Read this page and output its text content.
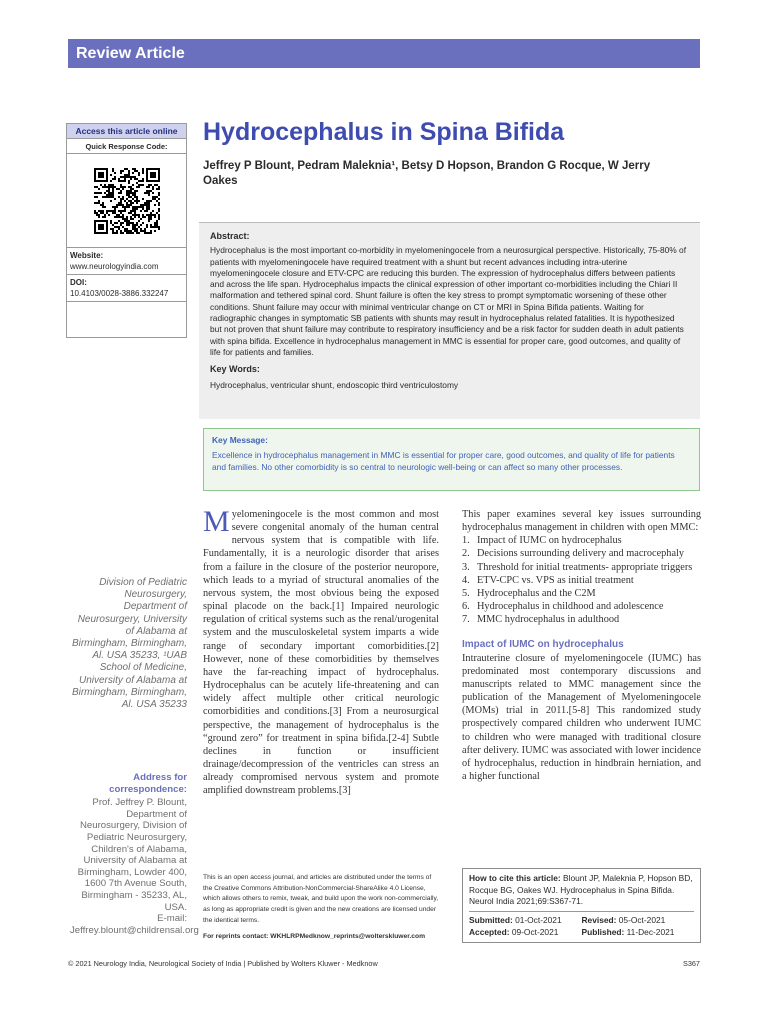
Review Article
Access this article online
Quick Response Code:
Website:
www.neurologyindia.com
DOI:
10.4103/0028-3886.332247
Hydrocephalus in Spina Bifida
Jeffrey P Blount, Pedram Maleknia¹, Betsy D Hopson, Brandon G Rocque, W Jerry Oakes
Abstract:
Hydrocephalus is the most important co-morbidity in myelomeningocele from a neurosurgical perspective. Historically, 75-80% of patients with myelomeningocele have required treatment with a shunt but recent advances including intra-uterine myelomeningocele closure and ETV-CPC are reducing this burden. The expression of hydrocephalus differs between patients and across the life span. Hydrocephalus impacts the clinical expression of other important co-morbidities including the Chiari II malformation and tethered spinal cord. Shunt failure is often the key stress to prompt symptomatic worsening of these other conditions. Shunt failure may occur with minimal ventricular change on CT or MRI in Spina Bifida patients. Waiting for radiographic changes in symptomatic SB patients with shunts may result in hydrocephalus related fatalities. It is hypothesized but not proven that shunt failure may contribute to respiratory insufficiency and be a risk factor for sudden death in adult patients with spina bifida. Excellence in hydrocephalus management in MMC is essential for proper care, good outcomes, and quality of life for patients and families.
Key Words:
Hydrocephalus, ventricular shunt, endoscopic third ventriculostomy
Key Message:
Excellence in hydrocephalus management in MMC is essential for proper care, good outcomes, and quality of life for patients and families. No other comorbidity is so central to neurologic well-being or can affect so many other processes.
Division of Pediatric Neurosurgery, Department of Neurosurgery, University of Alabama at Birmingham, Birmingham, Al. USA 35233, ¹UAB School of Medicine, University of Alabama at Birmingham, Birmingham, Al. USA 35233
Address for correspondence:
Prof. Jeffrey P. Blount, Department of Neurosurgery, Division of Pediatric Neurosurgery, Children's of Alabama, University of Alabama at Birmingham, Lowder 400, 1600 7th Avenue South, Birmingham - 35233, AL, USA.
E-mail: Jeffrey.blount@childrensal.org
Myelomeningocele is the most common and most severe congenital anomaly of the human central nervous system that is compatible with life. Fundamentally, it is a neurologic disorder that arises from a failure in the closure of the posterior neuropore, which leads to a myriad of structural anomalies of the nervous system, the most obvious being the exposed spinal placode on the back.[1] Impaired neurologic regulation of critical systems such as the renal/urogenital system and the musculoskeletal system imparts a wide range of secondary important comorbidities.[2] However, none of these comorbidities by themselves have the far-reaching impact of hydrocephalus. Hydrocephalus can be acutely life-threatening and can widely affect multiple other critical neurologic comorbidities and conditions.[3] From a neurosurgical perspective, the management of hydrocephalus is the “ground zero” for treatment in spina bifida.[2-4] Subtle declines in function or insufficient drainage/decompression of the ventricles can stress an already compromised nervous system and promote amplified downstream problems.[3]
This paper examines several key issues surrounding hydrocephalus management in children with open MMC:
1. Impact of IUMC on hydrocephalus
2. Decisions surrounding delivery and macrocephaly
3. Threshold for initial treatments- appropriate triggers
4. ETV-CPC vs. VPS as initial treatment
5. Hydrocephalus and the C2M
6. Hydrocephalus in childhood and adolescence
7. MMC hydrocephalus in adulthood
Impact of IUMC on hydrocephalus
Intrauterine closure of myelomeningocele (IUMC) has predominated most contemporary discussions and manuscripts related to MMC management since the publication of the Management of Myelomeningocele (MOMs) trial in 2011.[5-8] This randomized study prospectively compared children who underwent IUMC to children who were managed with traditional closure after delivery. IUMC was associated with lower incidence of hydrocephalus, reduction in hindbrain herniation, and a higher functional
This is an open access journal, and articles are distributed under the terms of the Creative Commons Attribution-NonCommercial-ShareAlike 4.0 License, which allows others to remix, tweak, and build upon the work non-commercially, as long as appropriate credit is given and the new creations are licensed under the identical terms.
For reprints contact: WKHLRPMedknow_reprints@wolterskluwer.com
How to cite this article: Blount JP, Maleknia P, Hopson BD, Rocque BG, Oakes WJ. Hydrocephalus in Spina Bifida. Neurol India 2021;69:S367-71.
Submitted: 01-Oct-2021	Revised: 05-Oct-2021
Accepted: 09-Oct-2021	Published: 11-Dec-2021
© 2021 Neurology India, Neurological Society of India | Published by Wolters Kluwer - Medknow	S367
